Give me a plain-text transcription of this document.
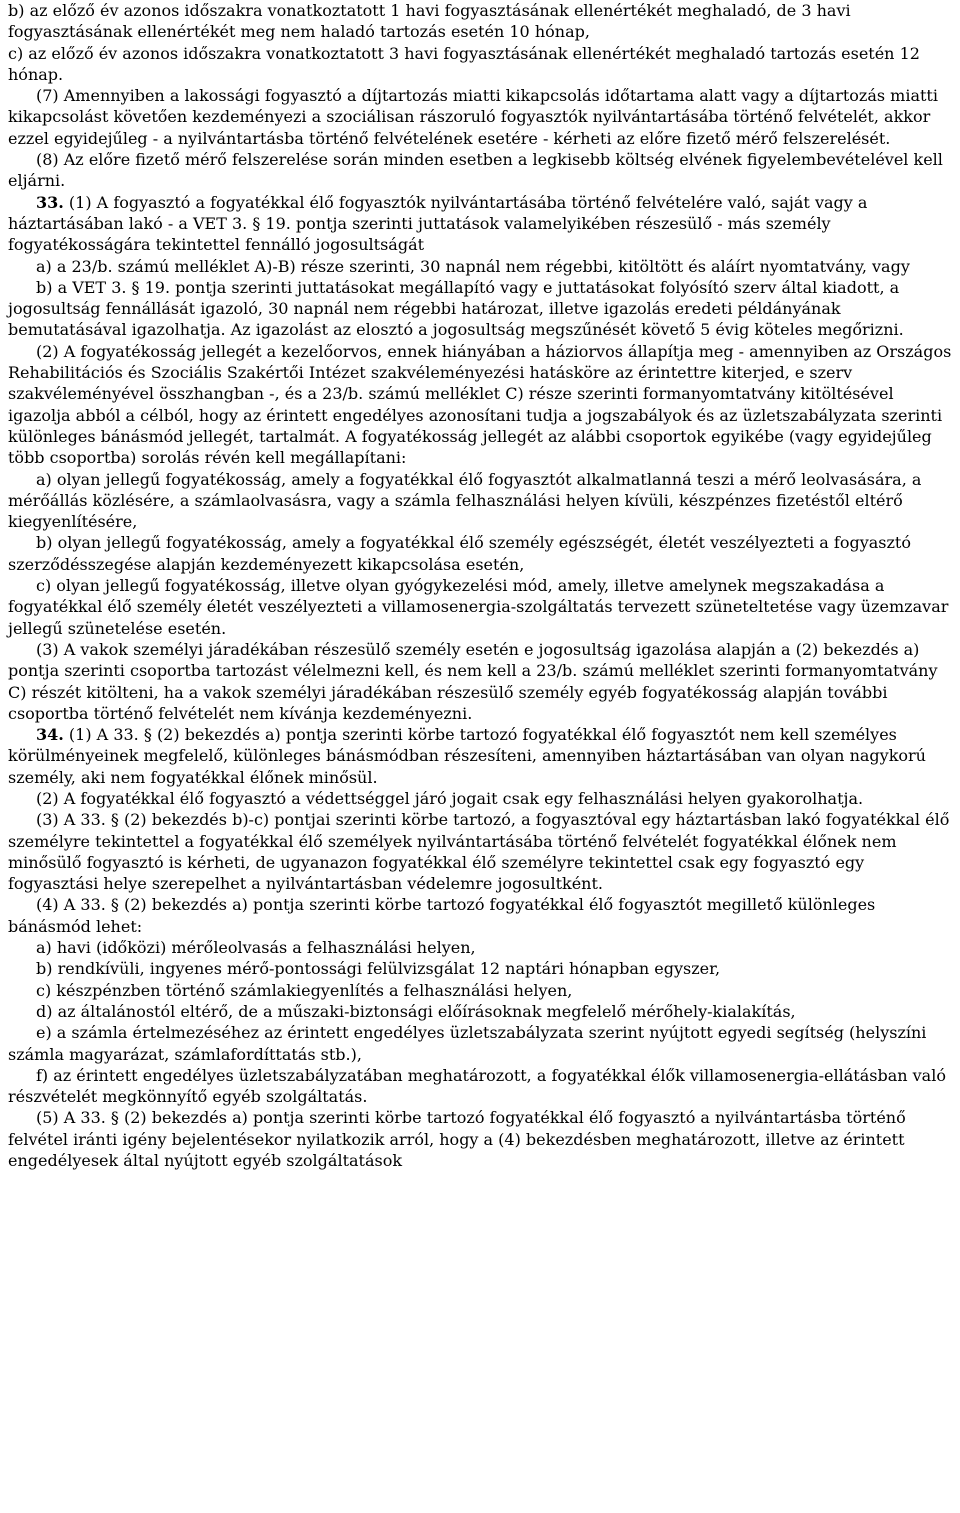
b) az előző év azonos időszakra vonatkoztatott 1 havi fogyasztásának ellenértékét meghaladó, de 3 havi fogyasztásának ellenértékét meg nem haladó tartozás esetén 10 hónap,

c) az előző év azonos időszakra vonatkoztatott 3 havi fogyasztásának ellenértékét meghaladó tartozás esetén 12 hónap.

(7) Amennyiben a lakossági fogyasztó a díjtartozás miatti kikapcsolás időtartama alatt vagy a díjtartozás miatti kikapcsolást követően kezdeményezi a szociálisan rászoruló fogyasztók nyilvántartásába történő felvételét, akkor ezzel egyidejűleg - a nyilvántartásba történő felvételének esetére - kérheti az előre fizető mérő felszerelését.

(8) Az előre fizető mérő felszerelése során minden esetben a legkisebb költség elvének figyelembevételével kell eljárni.

33. (1) A fogyasztó a fogyatékkal élő fogyasztók nyilvántartásába történő felvételére való, saját vagy a háztartásában lakó - a VET 3. § 19. pontja szerinti juttatások valamelyikében részesülő - más személy fogyatékosságára tekintettel fennálló jogosultságát

a) a 23/b. számú melléklet A)-B) része szerinti, 30 napnál nem régebbi, kitöltött és aláírt nyomtatvány, vagy

b) a VET 3. § 19. pontja szerinti juttatásokat megállapító vagy e juttatásokat folyósító szerv által kiadott, a jogosultság fennállását igazoló, 30 napnál nem régebbi határozat, illetve igazolás eredeti példányának bemutatásával igazolhatja. Az igazolást az elosztó a jogosultság megszűnését követő 5 évig köteles megőrizni.

(2) A fogyatékosság jellegét a kezelőorvos, ennek hiányában a háziorvos állapítja meg - amennyiben az Országos Rehabilitációs és Szociális Szakértői Intézet szakvéleményezési hatásköre az érintettre kiterjed, e szerv szakvéleményével összhangban -, és a 23/b. számú melléklet C) része szerinti formanyomtatvány kitöltésével igazolja abból a célból, hogy az érintett engedélyes azonosítani tudja a jogszabályok és az üzletszabályzata szerinti különleges bánásmód jellegét, tartalmát. A fogyatékosság jellegét az alábbi csoportok egyikébe (vagy egyidejűleg több csoportba) sorolás révén kell megállapítani:

a) olyan jellegű fogyatékosság, amely a fogyatékkal élő fogyasztót alkalmatlanná teszi a mérő leolvasására, a mérőállás közlésére, a számlaolvasásra, vagy a számla felhasználási helyen kívüli, készpénzes fizetéstől eltérő kiegyenlítésére,

b) olyan jellegű fogyatékosság, amely a fogyatékkal élő személy egészségét, életét veszélyezteti a fogyasztó szerződésszegése alapján kezdeményezett kikapcsolása esetén,

c) olyan jellegű fogyatékosság, illetve olyan gyógykezelési mód, amely, illetve amelynek megszakadása a fogyatékkal élő személy életét veszélyezteti a villamosenergia-szolgáltatás tervezett szüneteltetése vagy üzemzavar jellegű szünetelése esetén.

(3) A vakok személyi járadékában részesülő személy esetén e jogosultság igazolása alapján a (2) bekezdés a) pontja szerinti csoportba tartozást vélelmezni kell, és nem kell a 23/b. számú melléklet szerinti formanyomtatvány C) részét kitölteni, ha a vakok személyi járadékában részesülő személy egyéb fogyatékosság alapján további csoportba történő felvételét nem kívánja kezdeményezni.

34. (1) A 33. § (2) bekezdés a) pontja szerinti körbe tartozó fogyatékkal élő fogyasztót nem kell személyes körülményeinek megfelelő, különleges bánásmódban részesíteni, amennyiben háztartásában van olyan nagykorú személy, aki nem fogyatékkal élőnek minősül.

(2) A fogyatékkal élő fogyasztó a védettséggel járó jogait csak egy felhasználási helyen gyakorolhatja.

(3) A 33. § (2) bekezdés b)-c) pontjai szerinti körbe tartozó, a fogyasztóval egy háztartásban lakó fogyatékkal élő személyre tekintettel a fogyatékkal élő személyek nyilvántartásába történő felvételét fogyatékkal élőnek nem minősülő fogyasztó is kérheti, de ugyanazon fogyatékkal élő személyre tekintettel csak egy fogyasztó egy fogyasztási helye szerepelhet a nyilvántartásban védelemre jogosultként.

(4) A 33. § (2) bekezdés a) pontja szerinti körbe tartozó fogyatékkal élő fogyasztót megillető különleges bánásmód lehet:

a) havi (időközi) mérőleolvasás a felhasználási helyen,

b) rendkívüli, ingyenes mérő-pontossági felülvizsgálat 12 naptári hónapban egyszer,

c) készpénzben történő számlakiegyenlítés a felhasználási helyen,

d) az általánostól eltérő, de a műszaki-biztonsági előírásoknak megfelelő mérőhely-kialakítás,

e) a számla értelmezéséhez az érintett engedélyes üzletszabályzata szerint nyújtott egyedi segítség (helyszíni számla magyarázat, számlafordíttatás stb.),

f) az érintett engedélyes üzletszabályzatában meghatározott, a fogyatékkal élők villamosenergia-ellátásban való részvételét megkönnyítő egyéb szolgáltatás.

(5) A 33. § (2) bekezdés a) pontja szerinti körbe tartozó fogyatékkal élő fogyasztó a nyilvántartásba történő felvétel iránti igény bejelentésekor nyilatkozik arról, hogy a (4) bekezdésben meghatározott, illetve az érintett engedélyesek által nyújtott egyéb szolgáltatások
